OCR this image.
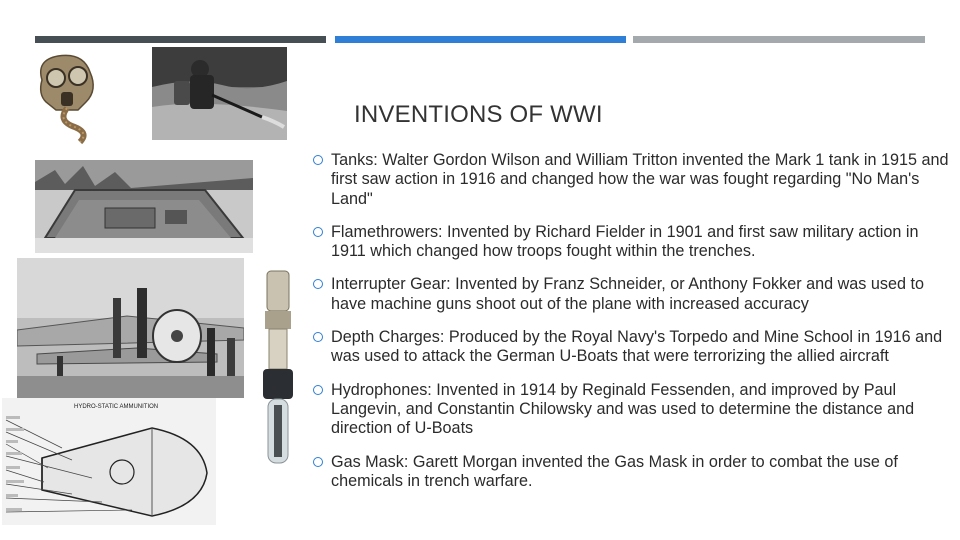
HYDRO-STATIC AMMUNITION
INVENTIONS OF WWI
Tanks: Walter Gordon Wilson and William Tritton invented the Mark 1 tank in 1915 and first saw action in 1916 and changed how the war was fought regarding "No Man's Land"
Flamethrowers: Invented by Richard Fielder in 1901 and first saw military action in 1911 which changed how troops fought within the trenches.
Interrupter Gear: Invented by Franz Schneider, or Anthony Fokker and was used to have machine guns shoot out of the plane with increased accuracy
Depth Charges: Produced by the Royal Navy's Torpedo and Mine School in 1916 and was used to attack the German U-Boats that were terrorizing the allied aircraft
Hydrophones: Invented in 1914 by Reginald Fessenden, and improved by Paul Langevin, and Constantin Chilowsky and was used to determine the distance and direction of U-Boats
Gas Mask: Garett Morgan invented the Gas Mask in order to combat the use of chemicals in trench warfare.
